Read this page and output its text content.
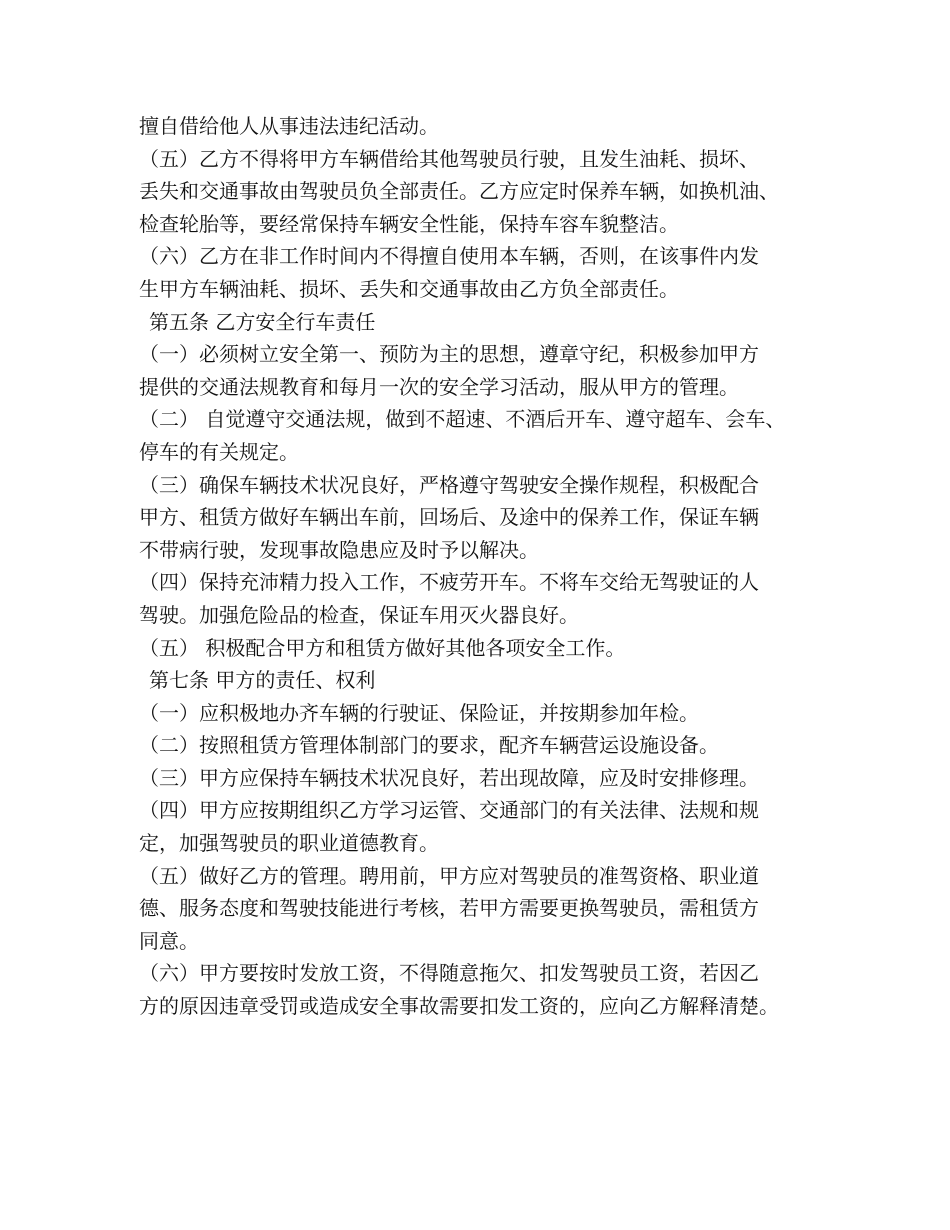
擅自借给他人从事违法违纪活动。
（五）乙方不得将甲方车辆借给其他驾驶员行驶，且发生油耗、损坏、
丢失和交通事故由驾驶员负全部责任。乙方应定时保养车辆，如换机油、
检查轮胎等，要经常保持车辆安全性能，保持车容车貌整洁。
（六）乙方在非工作时间内不得擅自使用本车辆，否则，在该事件内发
生甲方车辆油耗、损坏、丢失和交通事故由乙方负全部责任。
第五条 乙方安全行车责任
（一）必须树立安全第一、预防为主的思想，遵章守纪，积极参加甲方
提供的交通法规教育和每月一次的安全学习活动，服从甲方的管理。
（二） 自觉遵守交通法规，做到不超速、不酒后开车、遵守超车、会车、
停车的有关规定。
（三）确保车辆技术状况良好，严格遵守驾驶安全操作规程，积极配合
甲方、租赁方做好车辆出车前，回场后、及途中的保养工作，保证车辆
不带病行驶，发现事故隐患应及时予以解决。
（四）保持充沛精力投入工作，不疲劳开车。不将车交给无驾驶证的人
驾驶。加强危险品的检查，保证车用灭火器良好。
（五） 积极配合甲方和租赁方做好其他各项安全工作。
第七条 甲方的责任、权利
（一）应积极地办齐车辆的行驶证、保险证，并按期参加年检。
（二）按照租赁方管理体制部门的要求，配齐车辆营运设施设备。
（三）甲方应保持车辆技术状况良好，若出现故障，应及时安排修理。
（四）甲方应按期组织乙方学习运管、交通部门的有关法律、法规和规
定，加强驾驶员的职业道德教育。
（五）做好乙方的管理。聘用前，甲方应对驾驶员的准驾资格、职业道
德、服务态度和驾驶技能进行考核，若甲方需要更换驾驶员，需租赁方
同意。
（六）甲方要按时发放工资，不得随意拖欠、扣发驾驶员工资，若因乙
方的原因违章受罚或造成安全事故需要扣发工资的，应向乙方解释清楚。
